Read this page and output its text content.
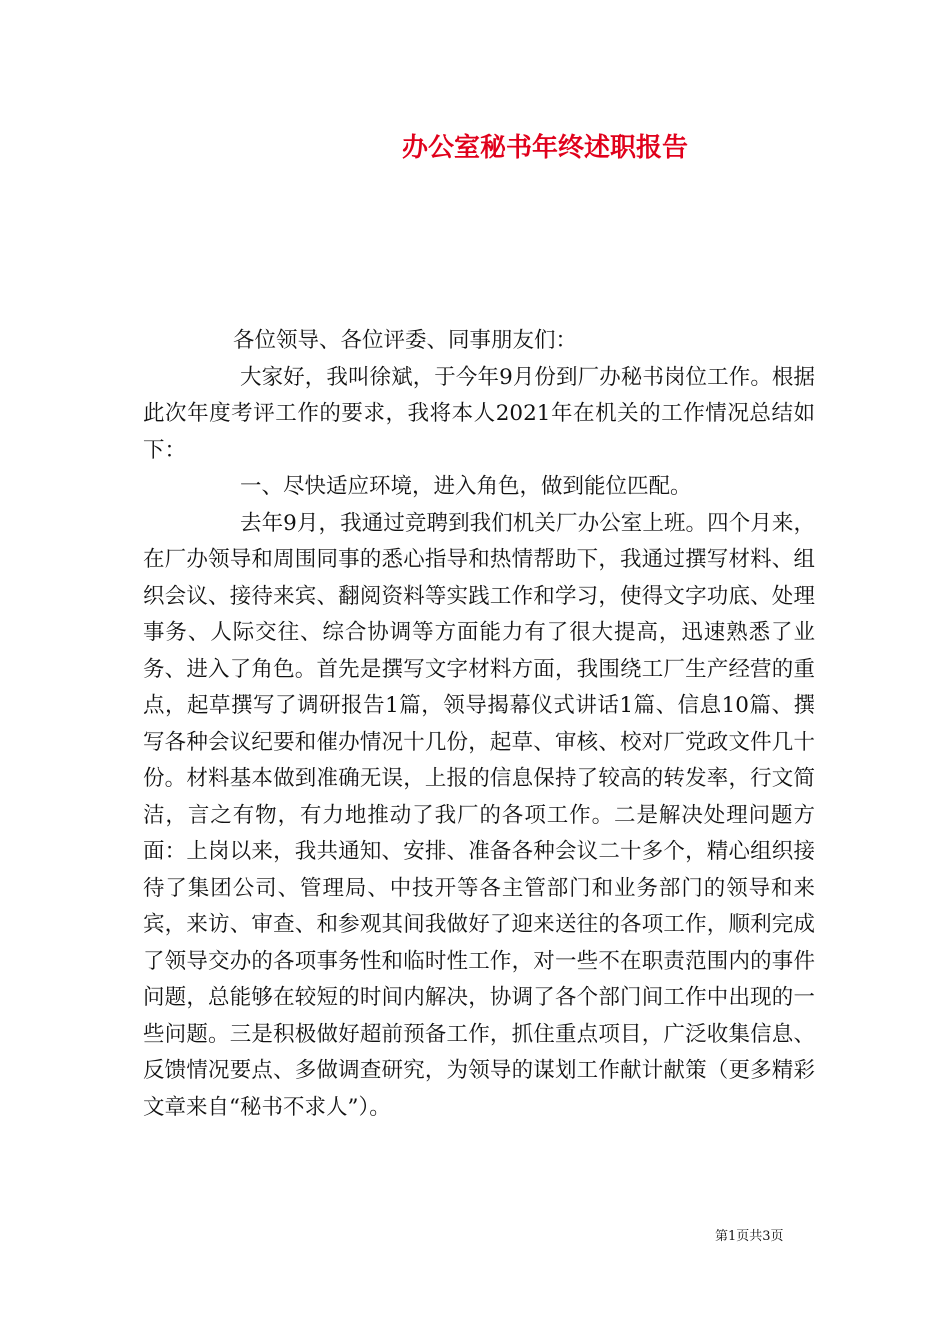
办公室秘书年终述职报告

各位领导、各位评委、同事朋友们：

大家好，我叫徐斌，于今年9月份到厂办秘书岗位工作。根据此次年度考评工作的要求，我将本人2021年在机关的工作情况总结如下：

一、尽快适应环境，进入角色，做到能位匹配。

去年9月，我通过竞聘到我们机关厂办公室上班。四个月来，在厂办领导和周围同事的悉心指导和热情帮助下，我通过撰写材料、组织会议、接待来宾、翻阅资料等实践工作和学习，使得文字功底、处理事务、人际交往、综合协调等方面能力有了很大提高，迅速熟悉了业务、进入了角色。首先是撰写文字材料方面，我围绕工厂生产经营的重点，起草撰写了调研报告1篇，领导揭幕仪式讲话1篇、信息10篇、撰写各种会议纪要和催办情况十几份，起草、审核、校对厂党政文件几十份。材料基本做到准确无误，上报的信息保持了较高的转发率，行文简洁，言之有物，有力地推动了我厂的各项工作。二是解决处理问题方面：上岗以来，我共通知、安排、准备各种会议二十多个，精心组织接待了集团公司、管理局、中技开等各主管部门和业务部门的领导和来宾，来访、审查、和参观其间我做好了迎来送往的各项工作，顺利完成了领导交办的各项事务性和临时性工作，对一些不在职责范围内的事件问题，总能够在较短的时间内解决，协调了各个部门间工作中出现的一些问题。三是积极做好超前预备工作，抓住重点项目，广泛收集信息、反馈情况要点、多做调查研究，为领导的谋划工作献计献策（更多精彩文章来自“秘书不求人”）。

第1页共3页
